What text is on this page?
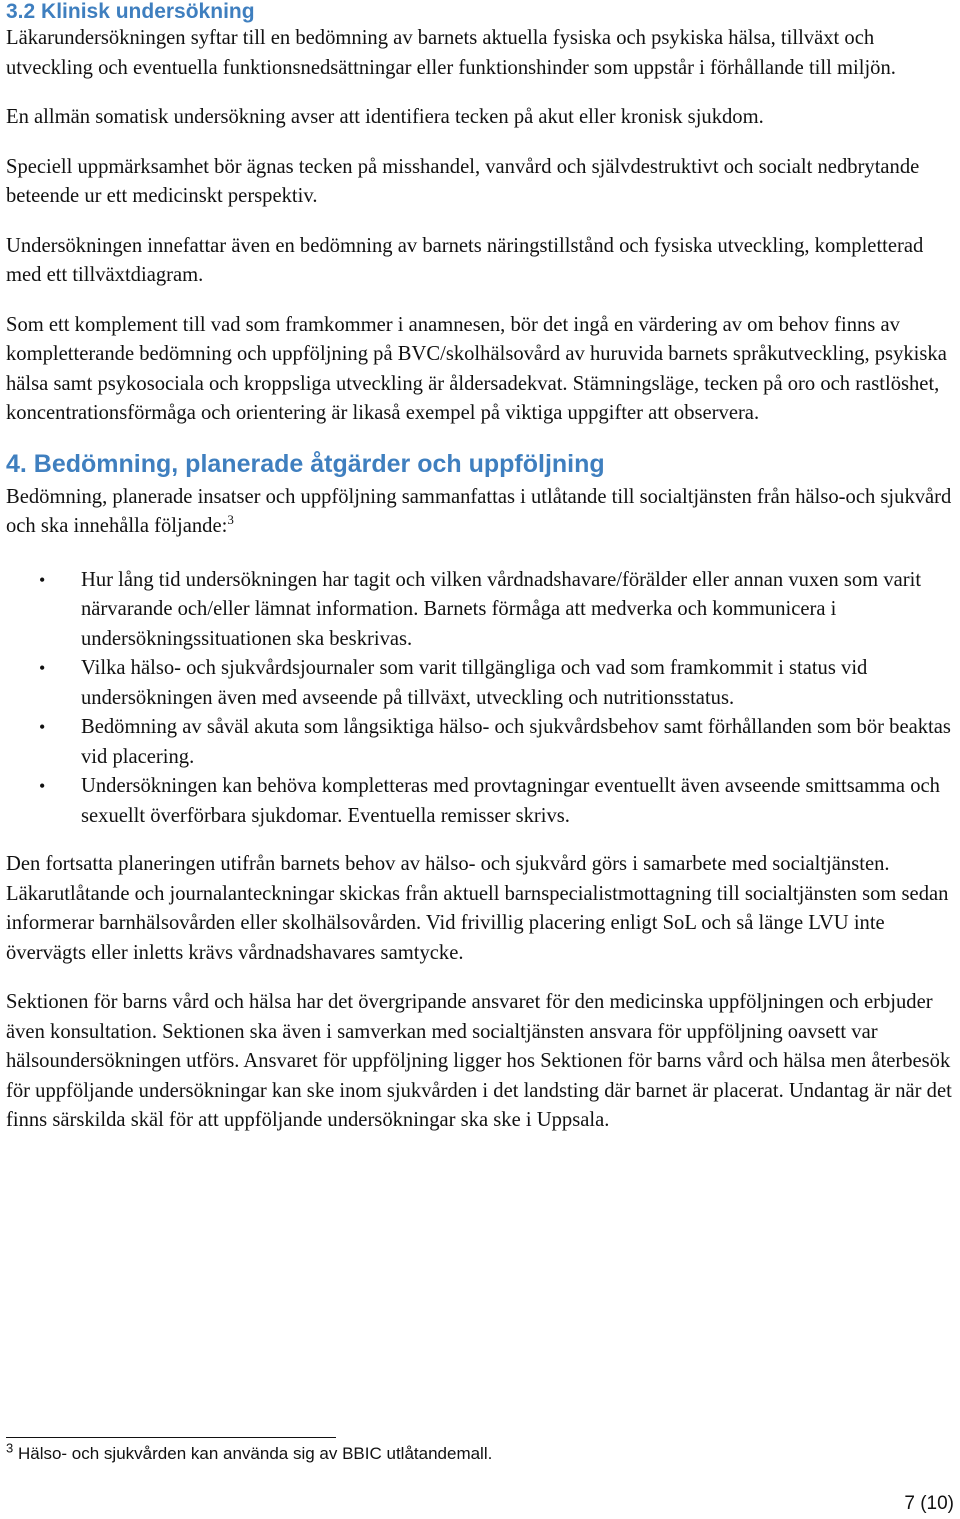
3.2 Klinisk undersökning

Läkarundersökningen syftar till en bedömning av barnets aktuella fysiska och psykiska hälsa, tillväxt och utveckling och eventuella funktionsnedsättningar eller funktionshinder som uppstår i förhållande till miljön.

En allmän somatisk undersökning avser att identifiera tecken på akut eller kronisk sjukdom.

Speciell uppmärksamhet bör ägnas tecken på misshandel, vanvård och självdestruktivt och socialt nedbrytande beteende ur ett medicinskt perspektiv.

Undersökningen innefattar även en bedömning av barnets näringstillstånd och fysiska utveckling, kompletterad med ett tillväxtdiagram.

Som ett komplement till vad som framkommer i anamnesen, bör det ingå en värdering av om behov finns av kompletterande bedömning och uppföljning på BVC/skolhälsovård av huruvida barnets språkutveckling, psykiska hälsa samt psykosociala och kroppsliga utveckling är åldersadekvat. Stämningsläge, tecken på oro och rastlöshet, koncentrationsförmåga och orientering är likaså exempel på viktiga uppgifter att observera.

4. Bedömning, planerade åtgärder och uppföljning

Bedömning, planerade insatser och uppföljning sammanfattas i utlåtande till socialtjänsten från hälso-och sjukvård och ska innehålla följande:$^3$

• Hur lång tid undersökningen har tagit och vilken vårdnadshavare/förälder eller annan vuxen som varit närvarande och/eller lämnat information. Barnets förmåga att medverka och kommunicera i undersökningssituationen ska beskrivas.
• Vilka hälso- och sjukvårdsjournaler som varit tillgängliga och vad som framkommit i status vid undersökningen även med avseende på tillväxt, utveckling och nutritionsstatus.
• Bedömning av såväl akuta som långsiktiga hälso- och sjukvårdsbehov samt förhållanden som bör beaktas vid placering.
• Undersökningen kan behöva kompletteras med provtagningar eventuellt även avseende smittsamma och sexuellt överförbara sjukdomar. Eventuella remisser skrivs.

Den fortsatta planeringen utifrån barnets behov av hälso- och sjukvård görs i samarbete med socialtjänsten. Läkarutlåtande och journalanteckningar skickas från aktuell barnspecialistmottagning till socialtjänsten som sedan informerar barnhälsovården eller skolhälsovården. Vid frivillig placering enligt SoL och så länge LVU inte övervägts eller inletts krävs vårdnadshavares samtycke.

Sektionen för barns vård och hälsa har det övergripande ansvaret för den medicinska uppföljningen och erbjuder även konsultation. Sektionen ska även i samverkan med socialtjänsten ansvara för uppföljning oavsett var hälsoundersökningen utförs. Ansvaret för uppföljning ligger hos Sektionen för barns vård och hälsa men återbesök för uppföljande undersökningar kan ske inom sjukvården i det landsting där barnet är placerat. Undantag är när det finns särskilda skäl för att uppföljande undersökningar ska ske i Uppsala.

$^3$ Hälso- och sjukvården kan använda sig av BBIC utlåtandemall.
7 (10)
